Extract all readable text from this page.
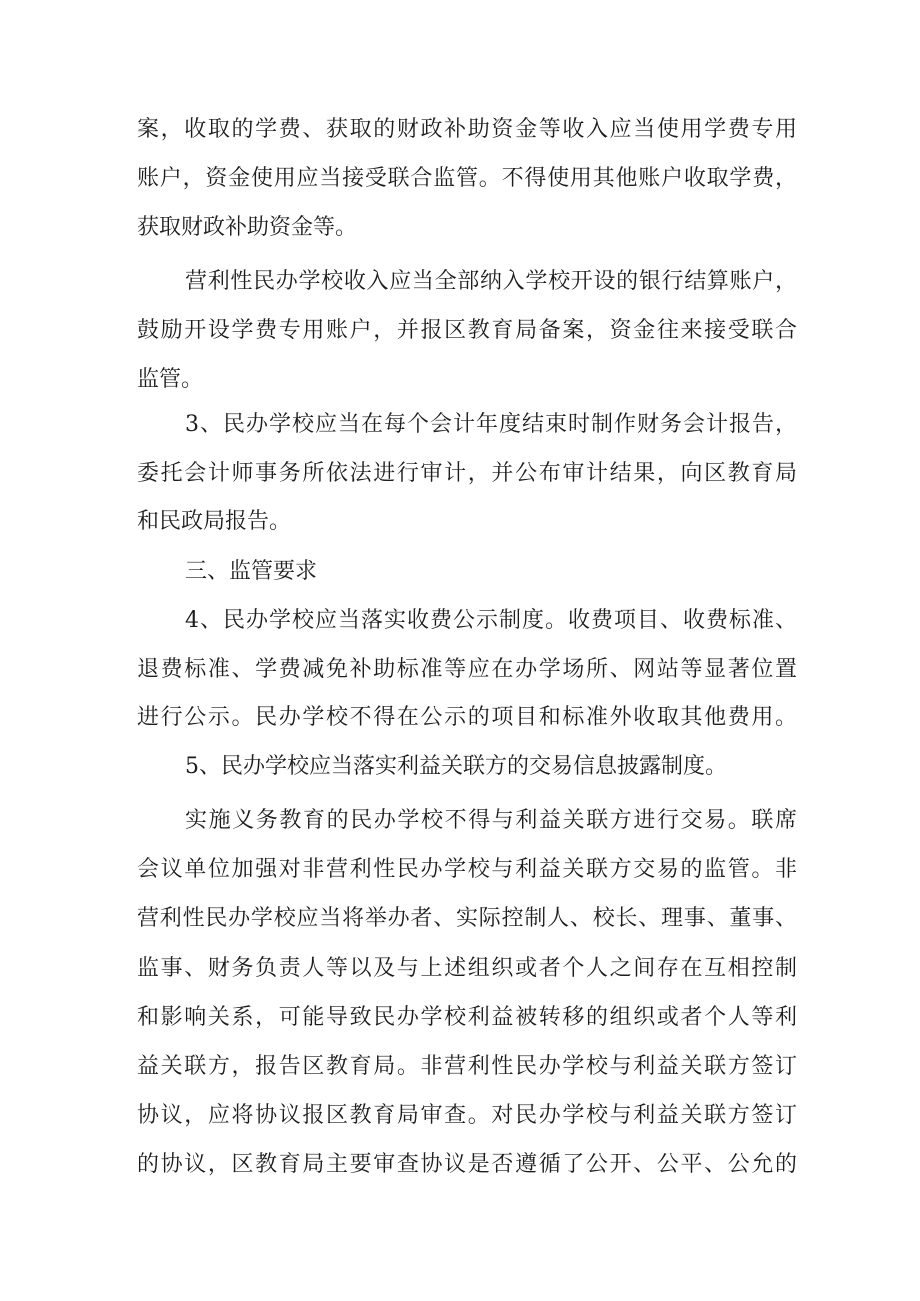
案，收取的学费、获取的财政补助资金等收入应当使用学费专用

账户，资金使用应当接受联合监管。不得使用其他账户收取学费，

获取财政补助资金等。

营利性民办学校收入应当全部纳入学校开设的银行结算账户，

鼓励开设学费专用账户，并报区教育局备案，资金往来接受联合

监管。

3、民办学校应当在每个会计年度结束时制作财务会计报告，

委托会计师事务所依法进行审计，并公布审计结果，向区教育局

和民政局报告。

三、监管要求

4、民办学校应当落实收费公示制度。收费项目、收费标准、

退费标准、学费减免补助标准等应在办学场所、网站等显著位置

进行公示。民办学校不得在公示的项目和标准外收取其他费用。

5、民办学校应当落实利益关联方的交易信息披露制度。

实施义务教育的民办学校不得与利益关联方进行交易。联席

会议单位加强对非营利性民办学校与利益关联方交易的监管。非

营利性民办学校应当将举办者、实际控制人、校长、理事、董事、

监事、财务负责人等以及与上述组织或者个人之间存在互相控制

和影响关系，可能导致民办学校利益被转移的组织或者个人等利

益关联方，报告区教育局。非营利性民办学校与利益关联方签订

协议，应将协议报区教育局审查。对民办学校与利益关联方签订

的协议，区教育局主要审查协议是否遵循了公开、公平、公允的
